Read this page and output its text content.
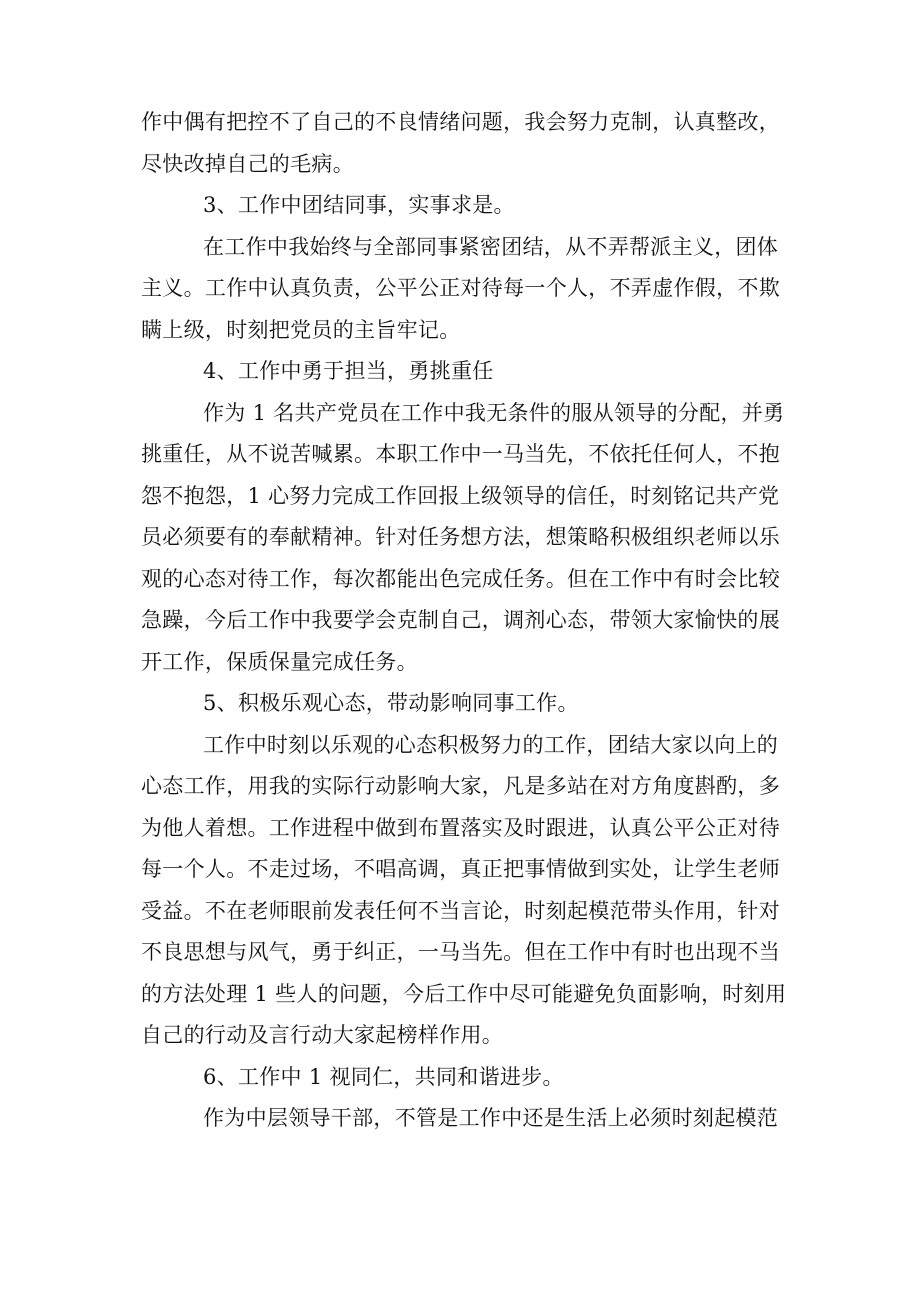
作中偶有把控不了自己的不良情绪问题，我会努力克制，认真整改，
尽快改掉自己的毛病。
3、工作中团结同事，实事求是。
在工作中我始终与全部同事紧密团结，从不弄帮派主义，团体
主义。工作中认真负责，公平公正对待每一个人，不弄虚作假，不欺
瞒上级，时刻把党员的主旨牢记。
4、工作中勇于担当，勇挑重任
作为 1 名共产党员在工作中我无条件的服从领导的分配，并勇
挑重任，从不说苦喊累。本职工作中一马当先，不依托任何人，不抱
怨不抱怨，1 心努力完成工作回报上级领导的信任，时刻铭记共产党
员必须要有的奉献精神。针对任务想方法，想策略积极组织老师以乐
观的心态对待工作，每次都能出色完成任务。但在工作中有时会比较
急躁，今后工作中我要学会克制自己，调剂心态，带领大家愉快的展
开工作，保质保量完成任务。
5、积极乐观心态，带动影响同事工作。
工作中时刻以乐观的心态积极努力的工作，团结大家以向上的
心态工作，用我的实际行动影响大家，凡是多站在对方角度斟酌，多
为他人着想。工作进程中做到布置落实及时跟进，认真公平公正对待
每一个人。不走过场，不唱高调，真正把事情做到实处，让学生老师
受益。不在老师眼前发表任何不当言论，时刻起模范带头作用，针对
不良思想与风气，勇于纠正，一马当先。但在工作中有时也出现不当
的方法处理 1 些人的问题，今后工作中尽可能避免负面影响，时刻用
自己的行动及言行动大家起榜样作用。
6、工作中 1 视同仁，共同和谐进步。
作为中层领导干部，不管是工作中还是生活上必须时刻起模范
